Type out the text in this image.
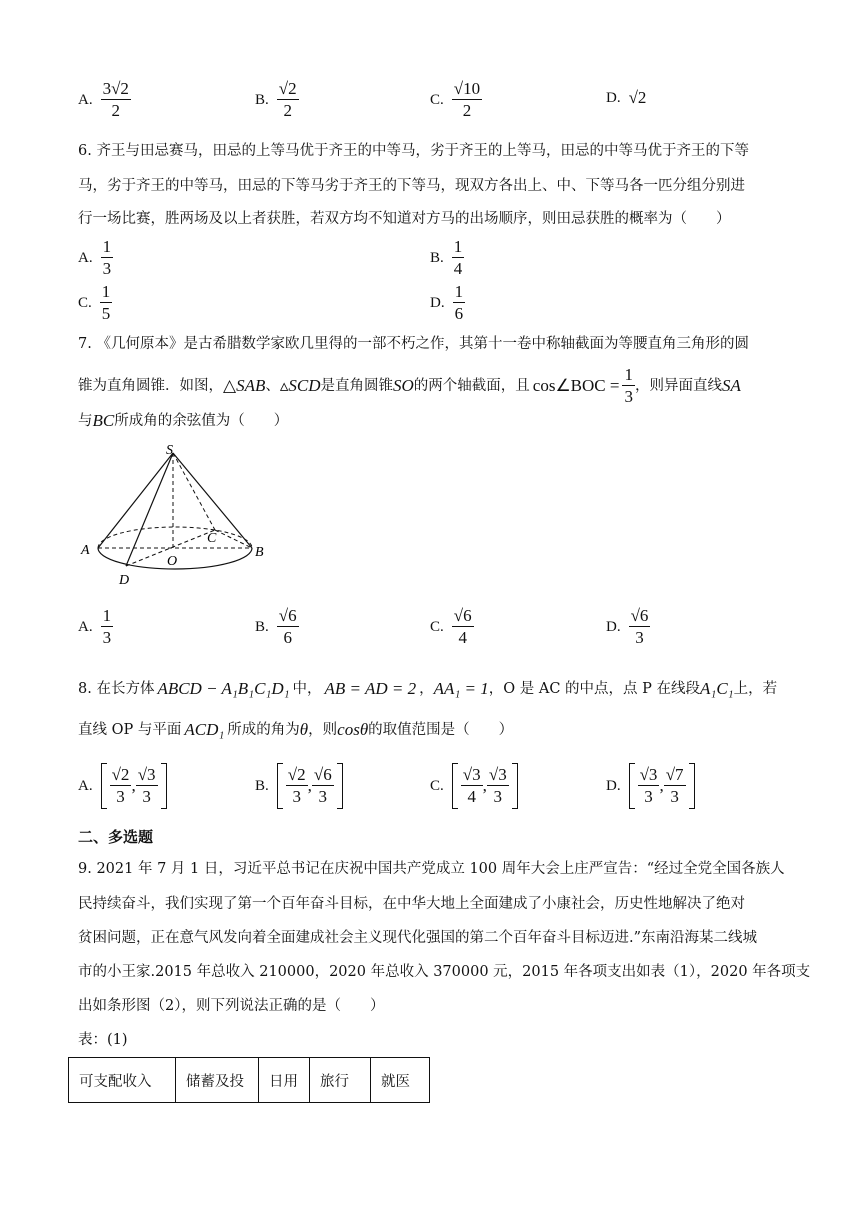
A. $\frac{3√2}{2}$	B. $\frac{√2}{2}$	C. $\frac{√10}{2}$	D. √2
6. 齐王与田忌赛马，田忌的上等马优于齐王的中等马，劣于齐王的上等马，田忌的中等马优于齐王的下等
马，劣于齐王的中等马，田忌的下等马劣于齐王的下等马，现双方各出上、中、下等马各一匹分组分别进
行一场比赛，胜两场及以上者获胜，若双方均不知道对方马的出场顺序，则田忌获胜的概率为（　　）
A. $\frac{1}{3}$	B. $\frac{1}{4}$
C. $\frac{1}{5}$	D. $\frac{1}{6}$
7. 《几何原本》是古希腊数学家欧几里得的一部不朽之作，其第十一卷中称轴截面为等腰直角三角形的圆
锥为直角圆锥．如图， △SAB 、 ▵SCD 是直角圆锥 SO 的两个轴截面，且 cos∠BOC = $\frac{1}{3}$ ，则异面直线 SA
与 BC 所成角的余弦值为（　　）
S
A	B
C
D
O
A. $\frac{1}{3}$	B. $\frac{√6}{6}$	C. $\frac{√6}{4}$	D. $\frac{√6}{3}$
8. 在长方体 ABCD − A₁B₁C₁D₁ 中， AB = AD = 2 ， AA₁ = 1 ，O 是 AC 的中点，点 P 在线段 A₁C₁ 上，若
直线 OP 与平面 ACD₁ 所成的角为 θ ，则 cosθ 的取值范围是（　　）
A. $\frac{√2}{3}$ , $\frac{√3}{3}$	B. $\frac{√2}{3}$ , $\frac{√6}{3}$	C. $\frac{√3}{4}$ , $\frac{√3}{3}$	D. $\frac{√3}{3}$ , $\frac{√7}{3}$
二、多选题
9. 2021 年 7 月 1 日，习近平总书记在庆祝中国共产党成立 100 周年大会上庄严宣告：“经过全党全国各族人
民持续奋斗，我们实现了第一个百年奋斗目标，在中华大地上全面建成了小康社会，历史性地解决了绝对
贫困问题，正在意气风发向着全面建成社会主义现代化强国的第二个百年奋斗目标迈进.”东南沿海某二线城
市的小王家.2015 年总收入 210000，2020 年总收入 370000 元，2015 年各项支出如表（1），2020 年各项支
出如条形图（2），则下列说法正确的是（　　）
表：(1)
可支配收入	储蓄及投	日用	旅行	就医
